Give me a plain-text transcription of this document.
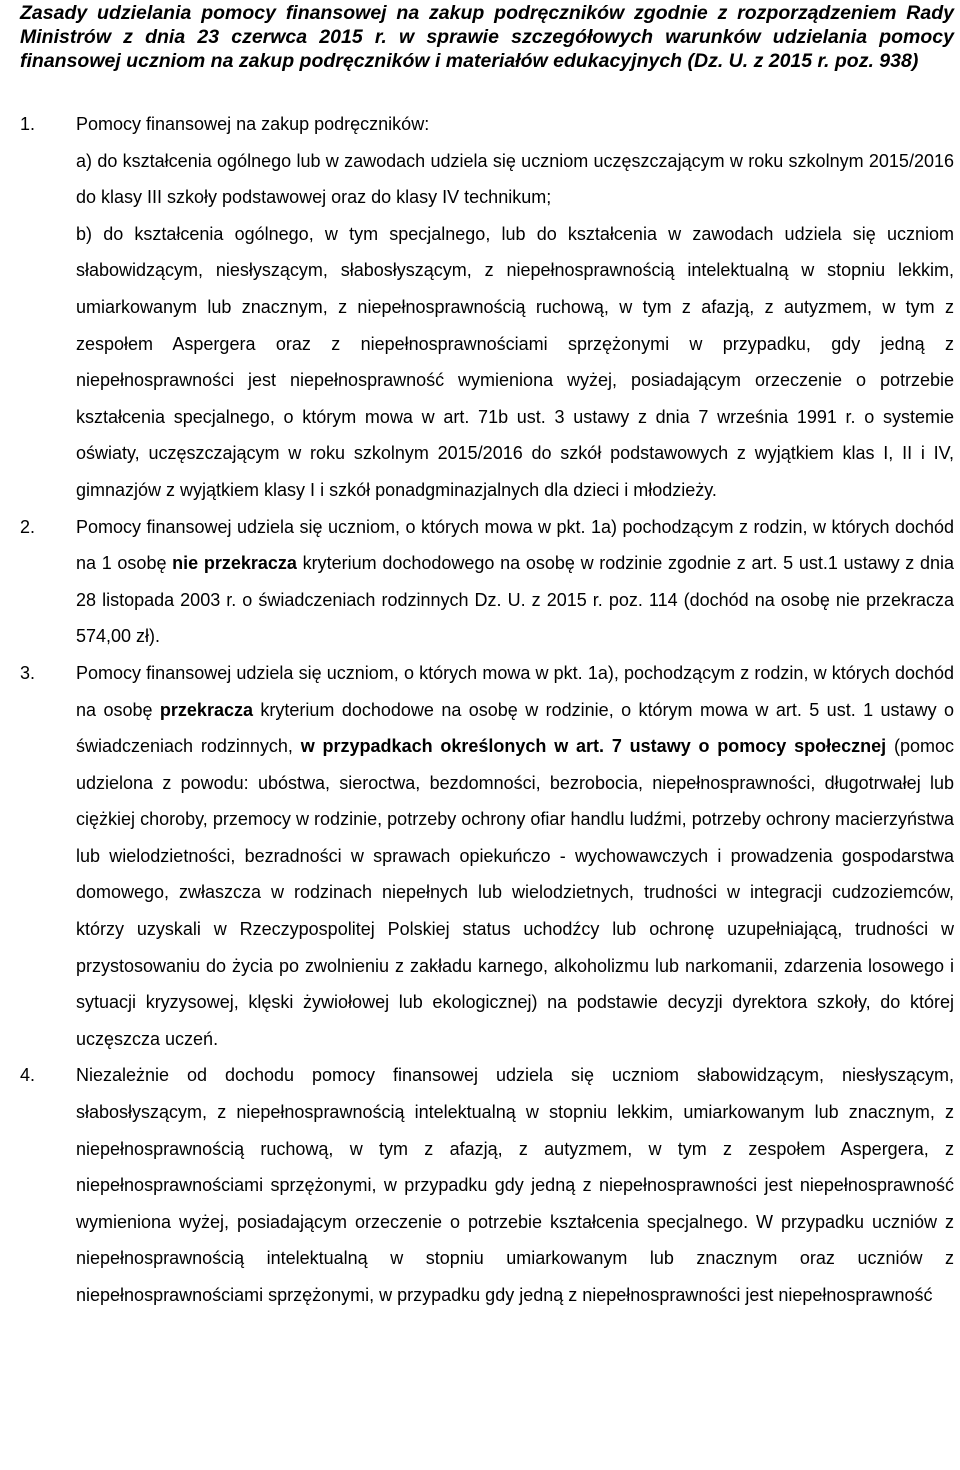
Zasady udzielania pomocy finansowej na zakup podręczników zgodnie z rozporządzeniem Rady Ministrów z dnia 23 czerwca 2015 r. w sprawie szczegółowych warunków udzielania pomocy finansowej uczniom na zakup podręczników i materiałów edukacyjnych (Dz. U. z 2015 r. poz. 938)

1.	Pomocy finansowej na zakup podręczników:

a) do kształcenia ogólnego lub w zawodach udziela się uczniom uczęszczającym w roku szkolnym 2015/2016 do klasy III szkoły podstawowej oraz do klasy IV technikum;

b) do kształcenia ogólnego, w tym specjalnego, lub do kształcenia w zawodach udziela się uczniom słabowidzącym, niesłyszącym, słabosłyszącym, z niepełnosprawnością intelektualną w stopniu lekkim, umiarkowanym lub znacznym, z niepełnosprawnością ruchową, w tym z afazją, z autyzmem, w tym z zespołem Aspergera oraz z niepełnosprawnościami sprzężonymi w przypadku, gdy jedną z niepełnosprawności jest niepełnosprawność wymieniona wyżej, posiadającym orzeczenie o potrzebie kształcenia specjalnego, o którym mowa w art. 71b ust. 3 ustawy z dnia 7 września 1991 r. o systemie oświaty, uczęszczającym w roku szkolnym 2015/2016 do szkół podstawowych z wyjątkiem klas I, II i IV, gimnazjów z wyjątkiem klasy I i szkół ponadgminazjalnych dla dzieci i młodzieży.

2.	Pomocy finansowej udziela się uczniom, o których mowa w pkt. 1a) pochodzącym z rodzin, w których dochód na 1 osobę nie przekracza kryterium dochodowego na osobę w rodzinie zgodnie z art. 5 ust.1 ustawy z dnia 28 listopada 2003 r. o świadczeniach rodzinnych Dz. U. z 2015 r. poz. 114 (dochód na osobę nie przekracza 574,00 zł).

3.	Pomocy finansowej udziela się uczniom, o których mowa w pkt. 1a), pochodzącym z rodzin, w których dochód na osobę przekracza kryterium dochodowe na osobę w rodzinie, o którym mowa w art. 5 ust. 1 ustawy o świadczeniach rodzinnych, w przypadkach określonych w art. 7 ustawy o pomocy społecznej (pomoc udzielona z powodu: ubóstwa, sieroctwa, bezdomności, bezrobocia, niepełnosprawności, długotrwałej lub ciężkiej choroby, przemocy w rodzinie, potrzeby ochrony ofiar handlu ludźmi, potrzeby ochrony macierzyństwa lub wielodzietności, bezradności w sprawach opiekuńczo - wychowawczych i prowadzenia gospodarstwa domowego, zwłaszcza w rodzinach niepełnych lub wielodzietnych, trudności w integracji cudzoziemców, którzy uzyskali w Rzeczypospolitej Polskiej status uchodźcy lub ochronę uzupełniającą, trudności w przystosowaniu do życia po zwolnieniu z zakładu karnego, alkoholizmu lub narkomanii, zdarzenia losowego i sytuacji kryzysowej, klęski żywiołowej lub ekologicznej) na podstawie decyzji dyrektora szkoły, do której uczęszcza uczeń.

4.	Niezależnie od dochodu pomocy finansowej udziela się uczniom słabowidzącym, niesłyszącym, słabosłyszącym, z niepełnosprawnością intelektualną w stopniu lekkim, umiarkowanym lub znacznym, z niepełnosprawnością ruchową, w tym z afazją, z autyzmem, w tym z zespołem Aspergera, z niepełnosprawnościami sprzężonymi, w przypadku gdy jedną z niepełnosprawności jest niepełnosprawność wymieniona wyżej, posiadającym orzeczenie o potrzebie kształcenia specjalnego. W przypadku uczniów z niepełnosprawnością intelektualną w stopniu umiarkowanym lub znacznym oraz uczniów z niepełnosprawnościami sprzężonymi, w przypadku gdy jedną z niepełnosprawności jest niepełnosprawność
